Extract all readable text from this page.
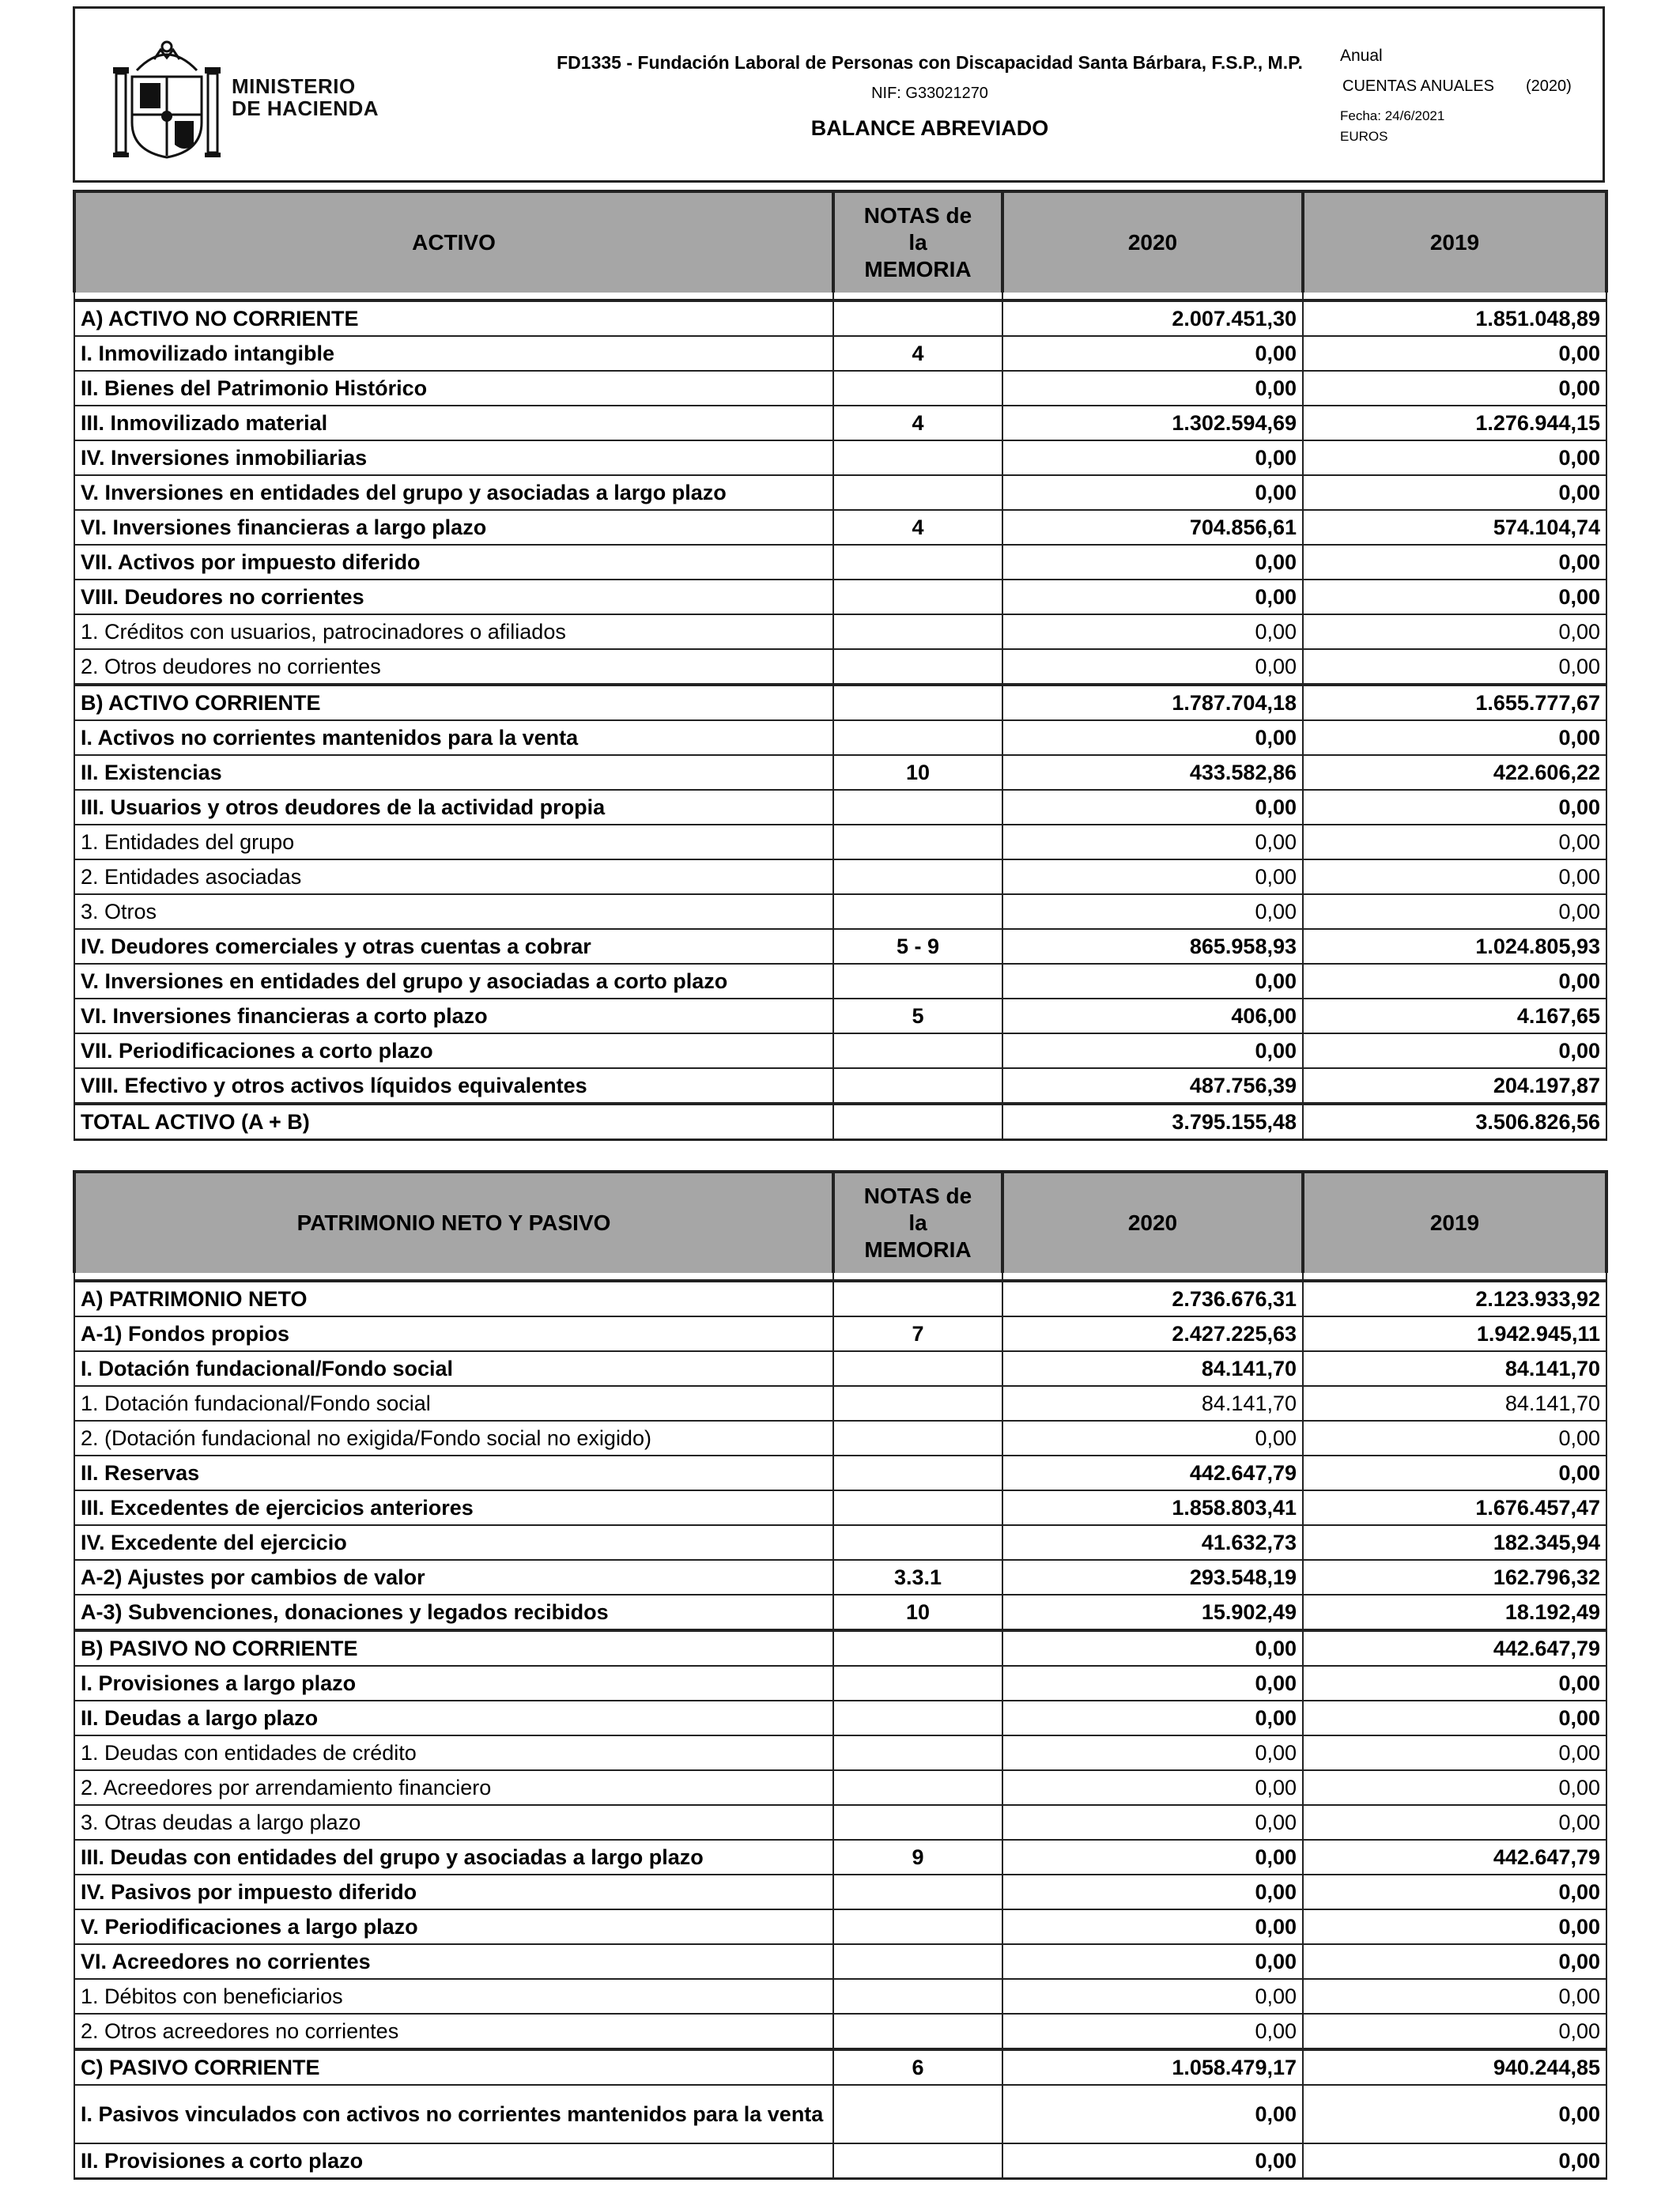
MINISTERIO
DE HACIENDA
FD1335 - Fundación Laboral de Personas con Discapacidad Santa Bárbara, F.S.P., M.P.
NIF: G33021270
BALANCE ABREVIADO
Anual
CUENTAS ANUALES (2020)
Fecha: 24/6/2021
EUROS
ACTIVO	NOTAS de la MEMORIA	2020	2019

A) ACTIVO NO CORRIENTE		2.007.451,30	1.851.048,89
I. Inmovilizado intangible	4	0,00	0,00
II. Bienes del Patrimonio Histórico		0,00	0,00
III. Inmovilizado material	4	1.302.594,69	1.276.944,15
IV. Inversiones inmobiliarias		0,00	0,00
V. Inversiones en entidades del grupo y asociadas a largo plazo		0,00	0,00
VI. Inversiones financieras a largo plazo	4	704.856,61	574.104,74
VII. Activos por impuesto diferido		0,00	0,00
VIII. Deudores no corrientes		0,00	0,00
1. Créditos con usuarios, patrocinadores o afiliados		0,00	0,00
2. Otros deudores no corrientes		0,00	0,00
B) ACTIVO CORRIENTE		1.787.704,18	1.655.777,67
I. Activos no corrientes mantenidos para la venta		0,00	0,00
II. Existencias	10	433.582,86	422.606,22
III. Usuarios y otros deudores de la actividad propia		0,00	0,00
1. Entidades del grupo		0,00	0,00
2. Entidades asociadas		0,00	0,00
3. Otros		0,00	0,00
IV. Deudores comerciales y otras cuentas a cobrar	5 - 9	865.958,93	1.024.805,93
V. Inversiones en entidades del grupo y asociadas a corto plazo		0,00	0,00
VI. Inversiones financieras a corto plazo	5	406,00	4.167,65
VII. Periodificaciones a corto plazo		0,00	0,00
VIII. Efectivo y otros activos líquidos equivalentes		487.756,39	204.197,87
TOTAL ACTIVO (A + B)		3.795.155,48	3.506.826,56
PATRIMONIO NETO Y PASIVO	NOTAS de la MEMORIA	2020	2019

A) PATRIMONIO NETO		2.736.676,31	2.123.933,92
A-1) Fondos propios	7	2.427.225,63	1.942.945,11
I. Dotación fundacional/Fondo social		84.141,70	84.141,70
1. Dotación fundacional/Fondo social		84.141,70	84.141,70
2. (Dotación fundacional no exigida/Fondo social no exigido)		0,00	0,00
II. Reservas		442.647,79	0,00
III. Excedentes de ejercicios anteriores		1.858.803,41	1.676.457,47
IV. Excedente del ejercicio		41.632,73	182.345,94
A-2) Ajustes por cambios de valor	3.3.1	293.548,19	162.796,32
A-3) Subvenciones, donaciones y legados recibidos	10	15.902,49	18.192,49
B) PASIVO NO CORRIENTE		0,00	442.647,79
I. Provisiones a largo plazo		0,00	0,00
II. Deudas a largo plazo		0,00	0,00
1. Deudas con entidades de crédito		0,00	0,00
2. Acreedores por arrendamiento financiero		0,00	0,00
3. Otras deudas a largo plazo		0,00	0,00
III. Deudas con entidades del grupo y asociadas a largo plazo	9	0,00	442.647,79
IV. Pasivos por impuesto diferido		0,00	0,00
V. Periodificaciones a largo plazo		0,00	0,00
VI. Acreedores no corrientes		0,00	0,00
1. Débitos con beneficiarios		0,00	0,00
2. Otros acreedores no corrientes		0,00	0,00
C) PASIVO CORRIENTE	6	1.058.479,17	940.244,85
I. Pasivos vinculados con activos no corrientes mantenidos para la venta		0,00	0,00
II. Provisiones a corto plazo		0,00	0,00
